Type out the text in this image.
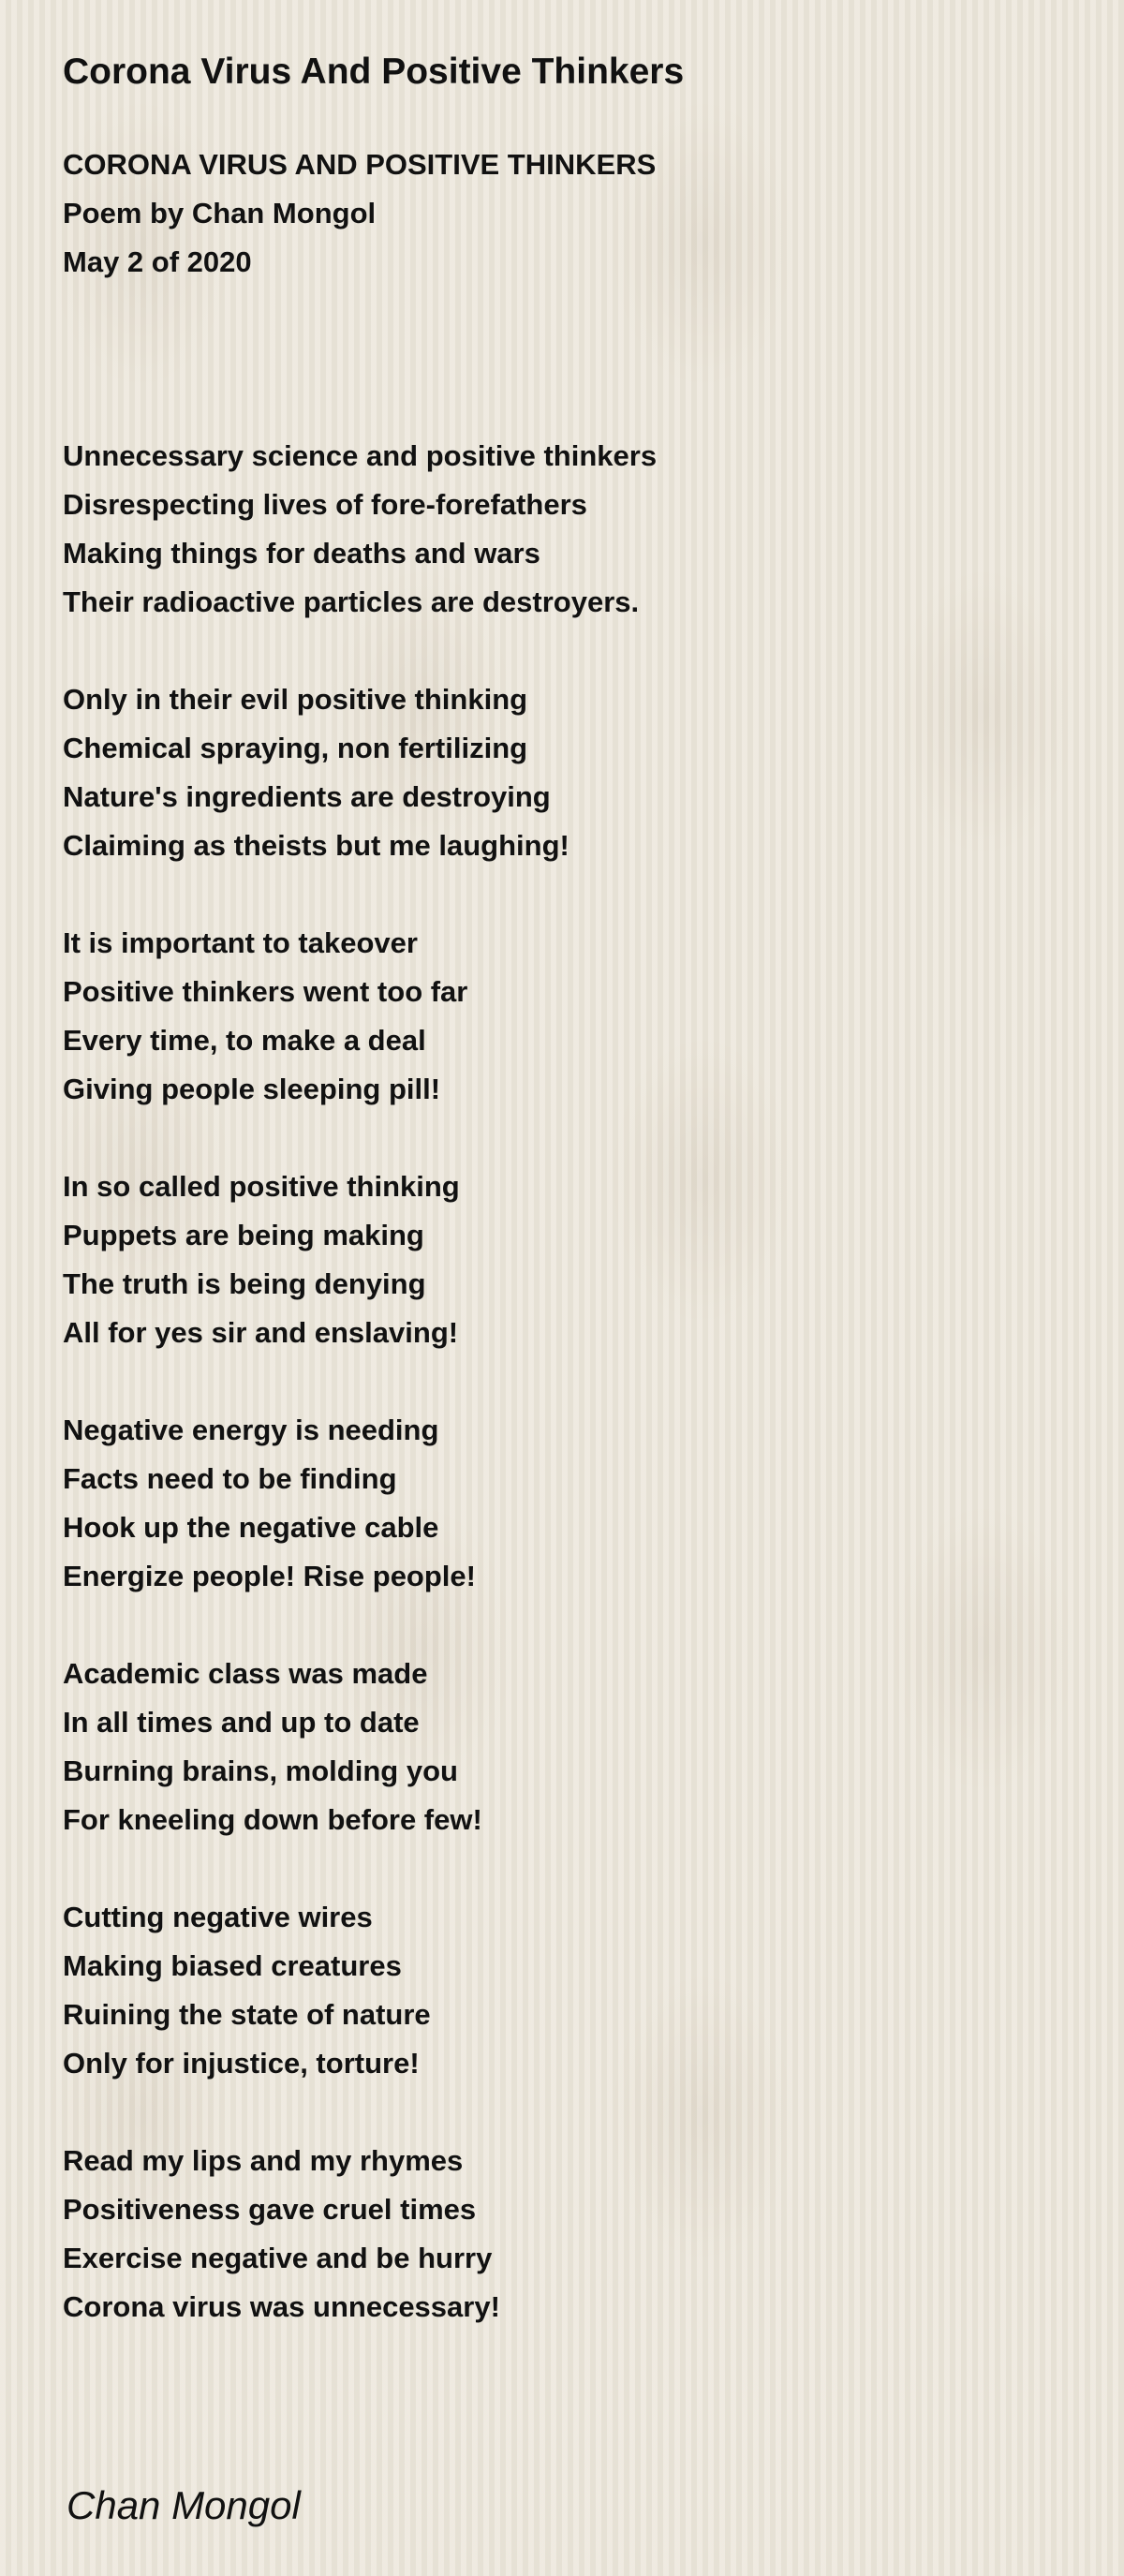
Corona Virus And Positive Thinkers
CORONA VIRUS AND POSITIVE THINKERS
Poem by Chan Mongol
May 2 of 2020
Unnecessary science and positive thinkers
Disrespecting lives of fore-forefathers
Making things for deaths and wars
Their radioactive particles are destroyers.
Only in their evil positive thinking
Chemical spraying, non fertilizing
Nature's ingredients are destroying
Claiming as theists but me laughing!
It is important to takeover
Positive thinkers went too far
Every time, to make a deal
Giving people sleeping pill!
In so called positive thinking
Puppets are being making
The truth is being denying
All for yes sir and enslaving!
Negative energy is needing
Facts need to be finding
Hook up the negative cable
Energize people! Rise people!
Academic class was made
In all times and up to date
Burning brains, molding you
For kneeling down before few!
Cutting negative wires
Making biased creatures
Ruining the state of nature
Only for injustice, torture!
Read my lips and my rhymes
Positiveness gave cruel times
Exercise negative and be hurry
Corona virus was unnecessary!
Chan Mongol
